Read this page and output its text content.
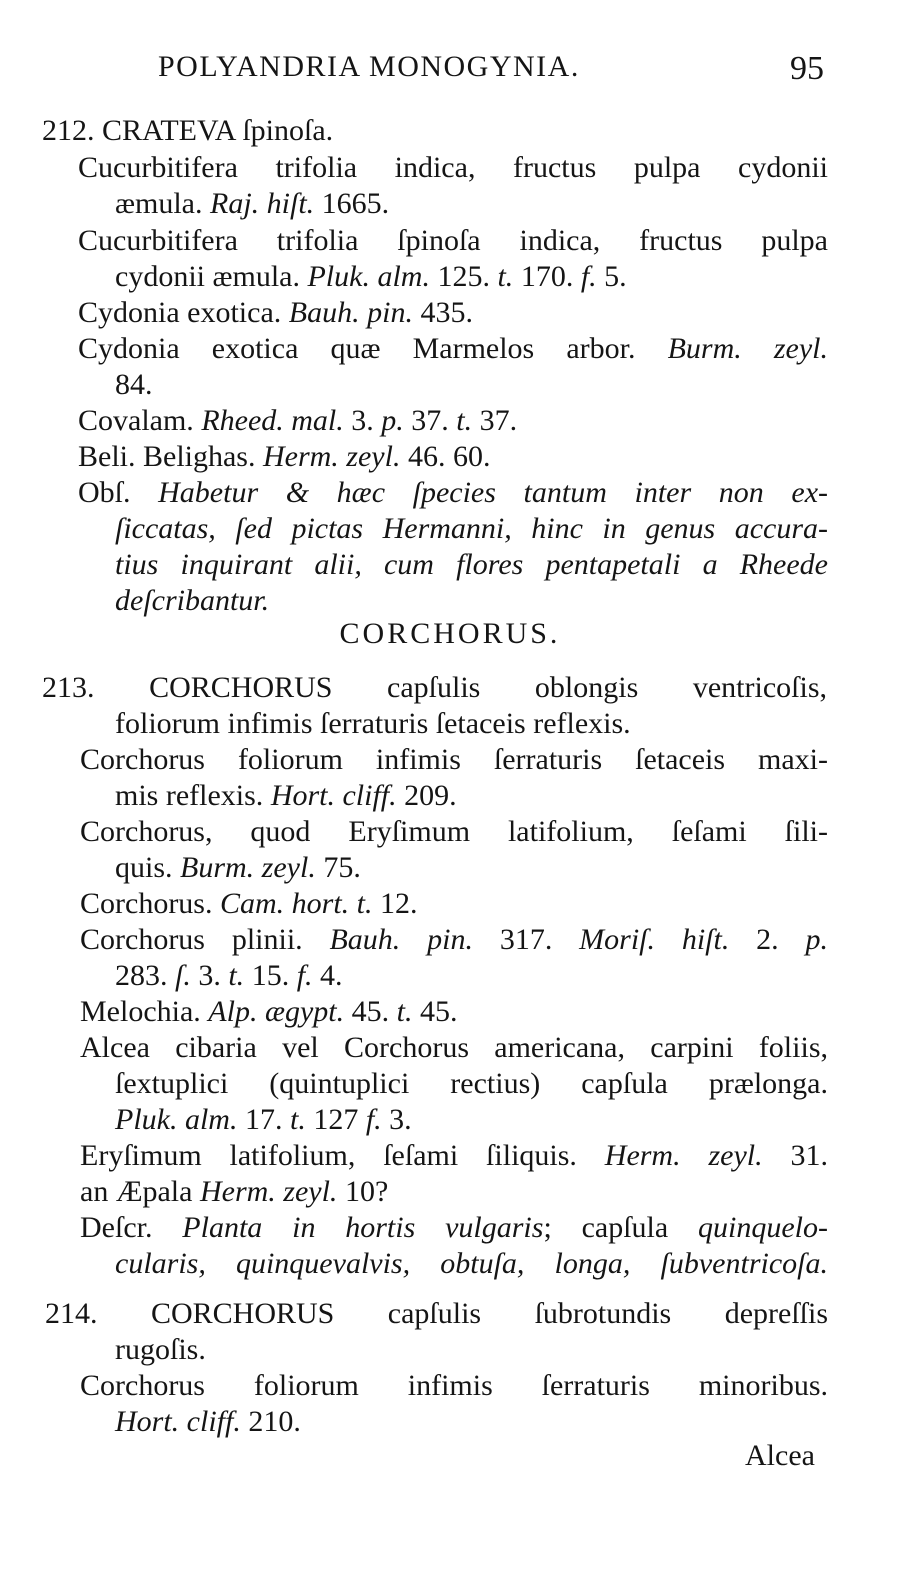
POLYANDRIA MONOGYNIA.	95
CORCHORUS.
212. CRATEVA ſpinoſa.
Cucurbitifera trifolia indica, fructus pulpa cydonii
æmula. Raj. hiſt. 1665.
Cucurbitifera trifolia ſpinoſa indica, fructus pulpa
cydonii æmula. Pluk. alm. 125. t. 170. f. 5.
Cydonia exotica. Bauh. pin. 435.
Cydonia exotica quæ Marmelos arbor. Burm. zeyl.
84.
Covalam. Rheed. mal. 3. p. 37. t. 37.
Beli. Belighas. Herm. zeyl. 46. 60.
Obſ. Habetur & hæc ſpecies tantum inter non ex-
ſiccatas, ſed pictas Hermanni, hinc in genus accura-
tius inquirant alii, cum flores pentapetali a Rheede
deſcribantur.
213. CORCHORUS capſulis oblongis ventricoſis,
foliorum infimis ſerraturis ſetaceis reflexis.
Corchorus foliorum infimis ſerraturis ſetaceis maxi-
mis reflexis. Hort. cliff. 209.
Corchorus, quod Eryſimum latifolium, ſeſami ſili-
quis. Burm. zeyl. 75.
Corchorus. Cam. hort. t. 12.
Corchorus plinii. Bauh. pin. 317. Moriſ. hiſt. 2. p.
283. ſ. 3. t. 15. f. 4.
Melochia. Alp. ægypt. 45. t. 45.
Alcea cibaria vel Corchorus americana, carpini foliis,
ſextuplici (quintuplici rectius) capſula prælonga.
Pluk. alm. 17. t. 127 f. 3.
Eryſimum latifolium, ſeſami ſiliquis. Herm. zeyl. 31.
an Æpala Herm. zeyl. 10?
Deſcr. Planta in hortis vulgaris; capſula quinquelo-
cularis, quinquevalvis, obtuſa, longa, ſubventricoſa.
214. CORCHORUS capſulis ſubrotundis depreſſis
rugoſis.
Corchorus foliorum infimis ſerraturis minoribus.
Hort. cliff. 210.
Alcea
